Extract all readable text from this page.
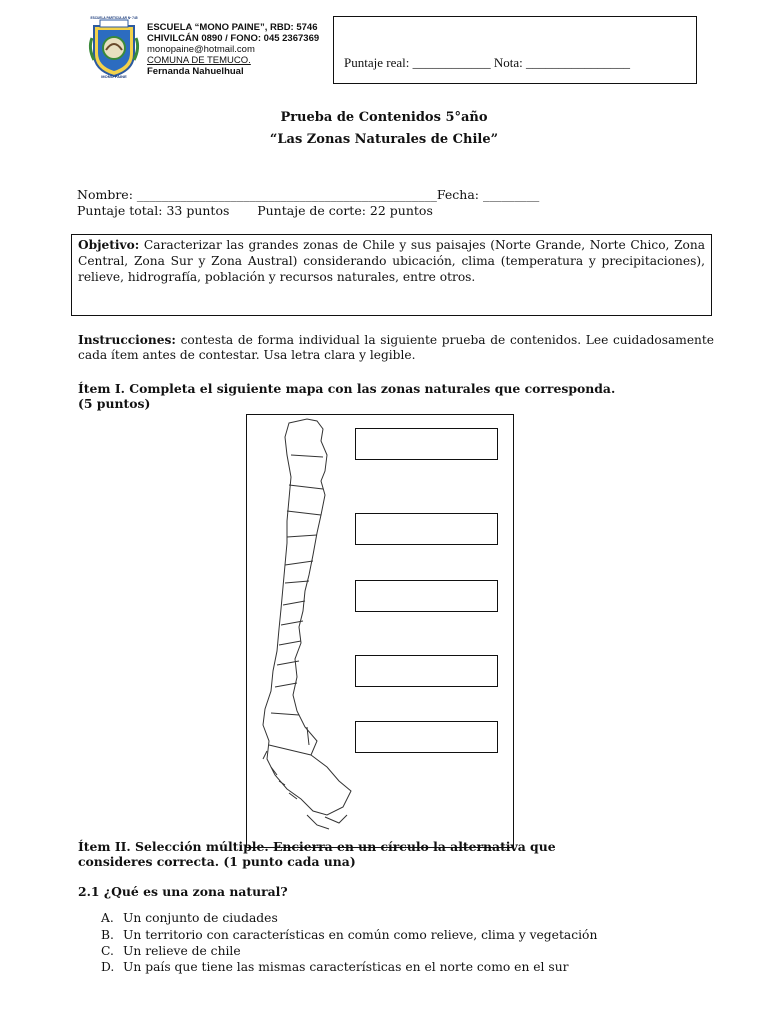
ESCUELA PARTICULAR Nº 745
MONO PAINE
ESCUELA “MONO PAINE”, RBD: 5746
CHIVILCÁN 0890 / FONO: 045 2367369
monopaine@hotmail.com
COMUNA DE TEMUCO.
Fernanda Nahuelhual
Puntaje real: ____________ Nota: ________________
Prueba de Contenidos 5°año
“Las Zonas Naturales de Chile”
Nombre: ________________________________________________Fecha: _________
Puntaje total: 33 puntos       Puntaje de corte: 22 puntos
Objetivo: Caracterizar las grandes zonas de Chile y sus paisajes (Norte Grande, Norte Chico, Zona Central, Zona Sur y Zona Austral) considerando ubicación, clima (temperatura y precipitaciones), relieve, hidrografía, población y recursos naturales, entre otros.
Instrucciones: contesta de forma individual la siguiente prueba de contenidos. Lee cuidadosamente cada ítem antes de contestar. Usa letra clara y legible.
Ítem I. Completa el siguiente mapa con las zonas naturales que corresponda.
(5 puntos)
Ítem II. Selección múltiple. Encierra en un círculo la alternativa que
consideres correcta. (1 punto cada una)
2.1 ¿Qué es una zona natural?
A. Un conjunto de ciudades
B. Un territorio con características en común como relieve, clima y vegetación
C. Un relieve de chile
D. Un país que tiene las mismas características en el norte como en el sur
